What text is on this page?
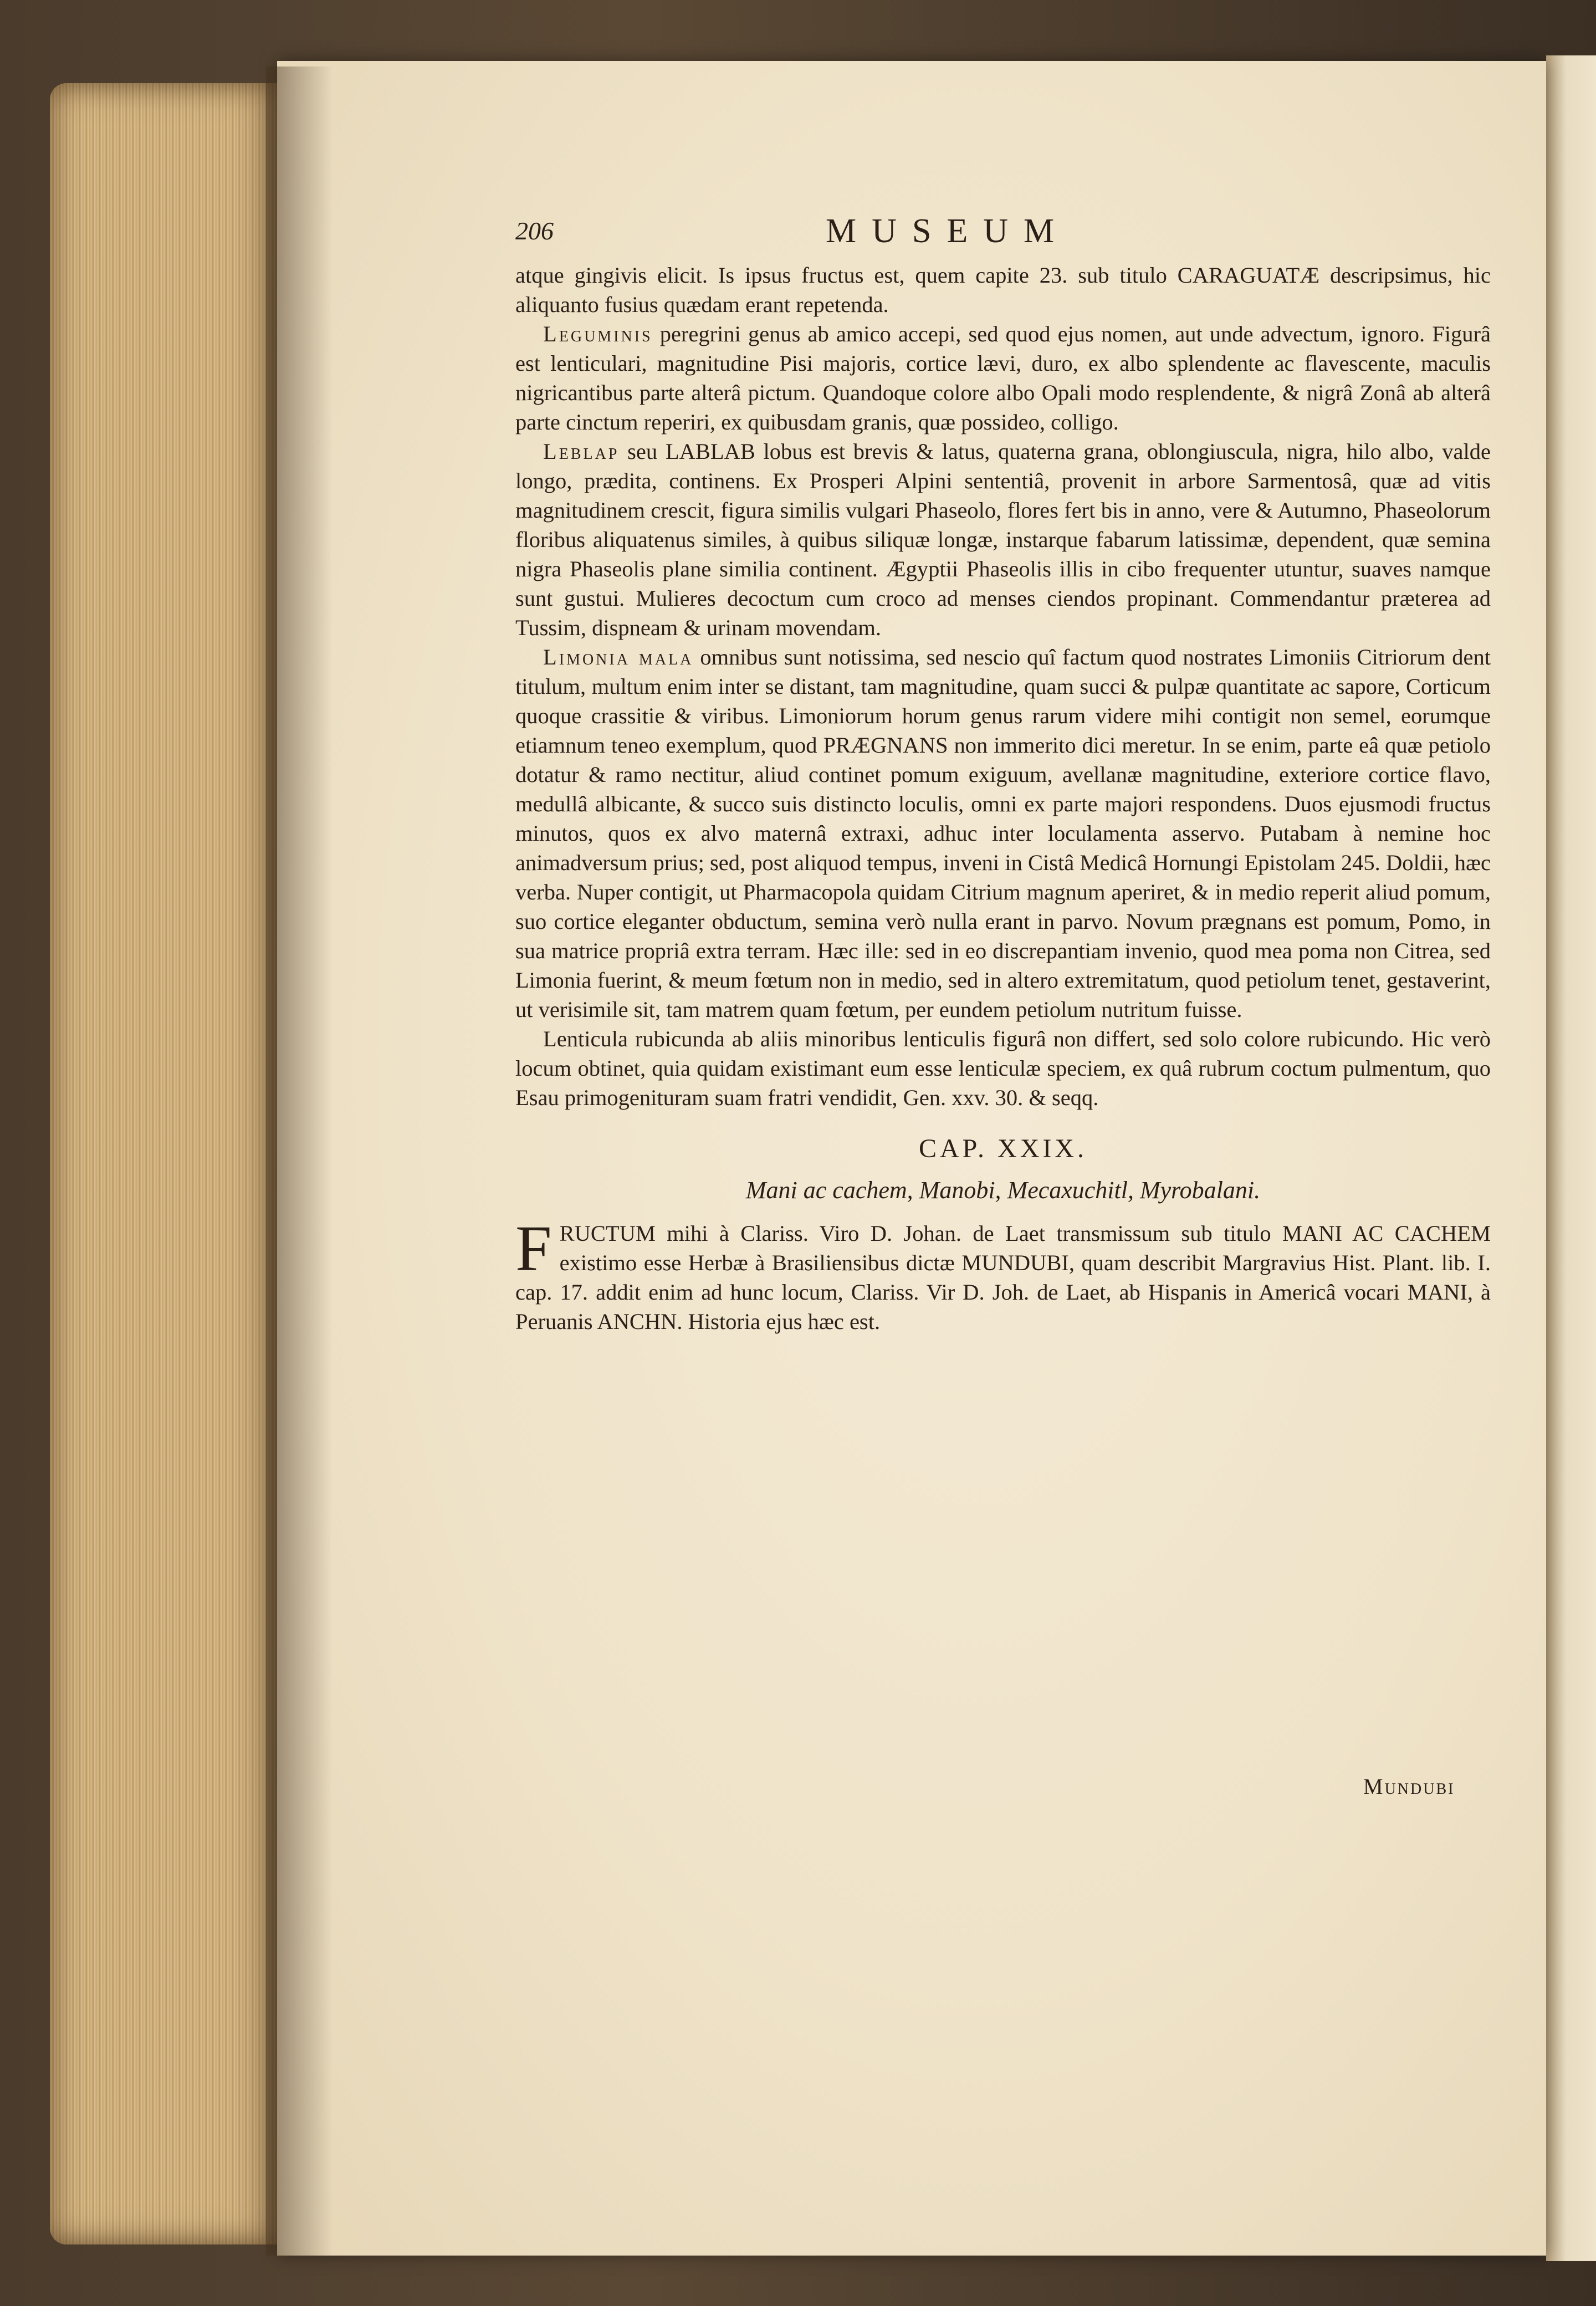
206	MUSEUM

atque gingivis elicit. Is ipsus fructus est, quem capite 23. sub titulo CARAGUATÆ descripsimus, hic aliquanto fusius quædam erant repetenda.

Leguminis peregrini genus ab amico accepi, sed quod ejus nomen, aut unde advectum, ignoro. Figurâ est lenticulari, magnitudine Pisi majoris, cortice lævi, duro, ex albo splendente ac flavescente, maculis nigricantibus parte alterâ pictum. Quandoque colore albo Opali modo resplendente, & nigrâ Zonâ ab alterâ parte cinctum reperiri, ex quibusdam granis, quæ possideo, colligo.

Leblap seu LABLAB lobus est brevis & latus, quaterna grana, oblongiuscula, nigra, hilo albo, valde longo, prædita, continens. Ex Prosperi Alpini sententiâ, provenit in arbore Sarmentosâ, quæ ad vitis magnitudinem crescit, figura similis vulgari Phaseolo, flores fert bis in anno, vere & Autumno, Phaseolorum floribus aliquatenus similes, à quibus siliquæ longæ, instarque fabarum latissimæ, dependent, quæ semina nigra Phaseolis plane similia continent. Ægyptii Phaseolis illis in cibo frequenter utuntur, suaves namque sunt gustui. Mulieres decoctum cum croco ad menses ciendos propinant. Commendantur præterea ad Tussim, dispneam & urinam movendam.

Limonia mala omnibus sunt notissima, sed nescio quî factum quod nostrates Limoniis Citriorum dent titulum, multum enim inter se distant, tam magnitudine, quam succi & pulpæ quantitate ac sapore, Corticum quoque crassitie & viribus. Limoniorum horum genus rarum videre mihi contigit non semel, eorumque etiamnum teneo exemplum, quod PRÆGNANS non immerito dici meretur. In se enim, parte eâ quæ petiolo dotatur & ramo nectitur, aliud continet pomum exiguum, avellanæ magnitudine, exteriore cortice flavo, medullâ albicante, & succo suis distincto loculis, omni ex parte majori respondens. Duos ejusmodi fructus minutos, quos ex alvo maternâ extraxi, adhuc inter loculamenta asservo. Putabam à nemine hoc animadversum prius; sed, post aliquod tempus, inveni in Cistâ Medicâ Hornungi Epistolam 245. Doldii, hæc verba. Nuper contigit, ut Pharmacopola quidam Citrium magnum aperiret, & in medio reperit aliud pomum, suo cortice eleganter obductum, semina verò nulla erant in parvo. Novum prægnans est pomum, Pomo, in sua matrice propriâ extra terram. Hæc ille: sed in eo discrepantiam invenio, quod mea poma non Citrea, sed Limonia fuerint, & meum fœtum non in medio, sed in altero extremitatum, quod petiolum tenet, gestaverint, ut verisimile sit, tam matrem quam fœtum, per eundem petiolum nutritum fuisse.

Lenticula rubicunda ab aliis minoribus lenticulis figurâ non differt, sed solo colore rubicundo. Hic verò locum obtinet, quia quidam existimant eum esse lenticulæ speciem, ex quâ rubrum coctum pulmentum, quo Esau primogenituram suam fratri vendidit, Gen. xxv. 30. & seqq.

CAP. XXIX.
Mani ac cachem, Manobi, Mecaxuchitl, Myrobalani.

FRUCTUM mihi à Clariss. Viro D. Johan. de Laet transmissum sub titulo MANI AC CACHEM existimo esse Herbæ à Brasiliensibus dictæ MUNDUBI, quam describit Margravius Hist. Plant. lib. I. cap. 17. addit enim ad hunc locum, Clariss. Vir D. Joh. de Laet, ab Hispanis in Americâ vocari MANI, à Peruanis ANCHN. Historia ejus hæc est.

Mundubi
